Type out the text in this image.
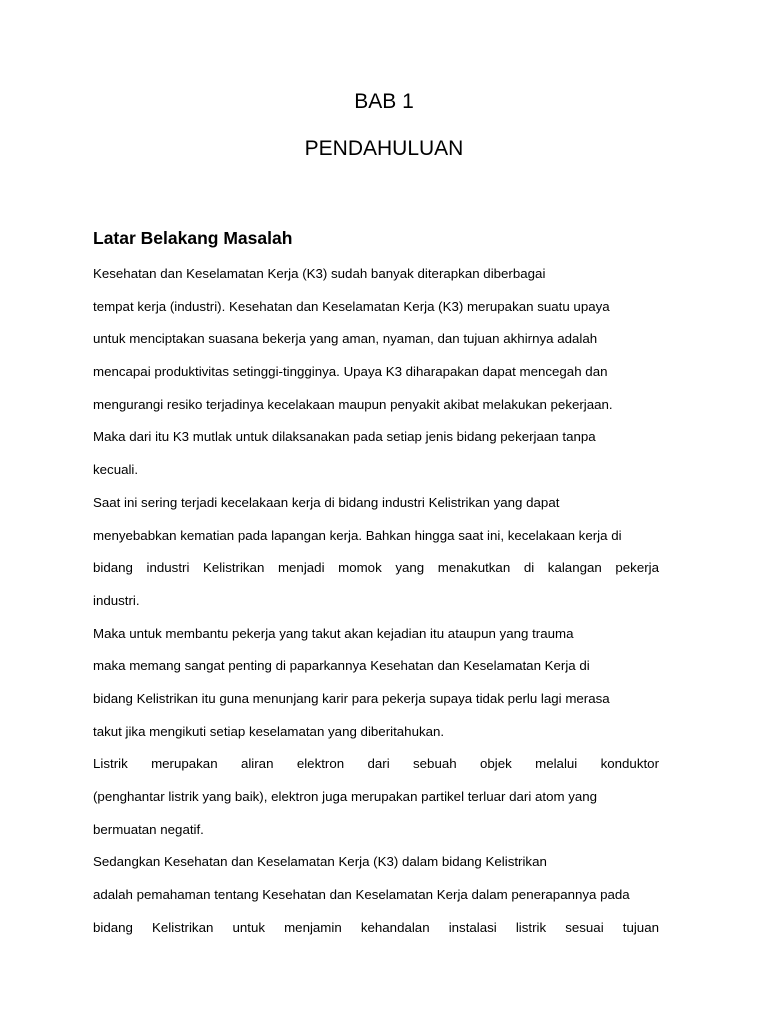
BAB 1
PENDAHULUAN
Latar Belakang Masalah
Kesehatan dan Keselamatan Kerja (K3) sudah banyak diterapkan diberbagai
tempat kerja (industri). Kesehatan dan Keselamatan Kerja (K3) merupakan suatu upaya
untuk menciptakan suasana bekerja yang aman, nyaman, dan tujuan akhirnya adalah
mencapai produktivitas setinggi-tingginya. Upaya K3 diharapakan dapat mencegah dan
mengurangi resiko terjadinya kecelakaan maupun penyakit akibat melakukan pekerjaan.
Maka dari itu K3 mutlak untuk dilaksanakan pada setiap jenis bidang pekerjaan tanpa
kecuali.
Saat ini sering terjadi kecelakaan kerja di bidang industri Kelistrikan yang dapat
menyebabkan kematian pada lapangan kerja. Bahkan hingga saat ini, kecelakaan kerja di
bidang industri Kelistrikan menjadi momok yang menakutkan di kalangan pekerja
industri.
Maka untuk membantu pekerja yang takut akan kejadian itu ataupun yang trauma
maka memang sangat penting di paparkannya Kesehatan dan Keselamatan Kerja di
bidang Kelistrikan itu guna menunjang karir para pekerja supaya tidak perlu lagi merasa
takut jika mengikuti setiap keselamatan yang diberitahukan.
Listrik merupakan aliran elektron dari sebuah objek melalui konduktor
(penghantar listrik yang baik), elektron juga merupakan partikel terluar dari atom yang
bermuatan negatif.
Sedangkan Kesehatan dan Keselamatan Kerja (K3) dalam bidang Kelistrikan
adalah pemahaman tentang Kesehatan dan Keselamatan Kerja dalam penerapannya pada
bidang Kelistrikan untuk menjamin kehandalan instalasi listrik sesuai tujuan
